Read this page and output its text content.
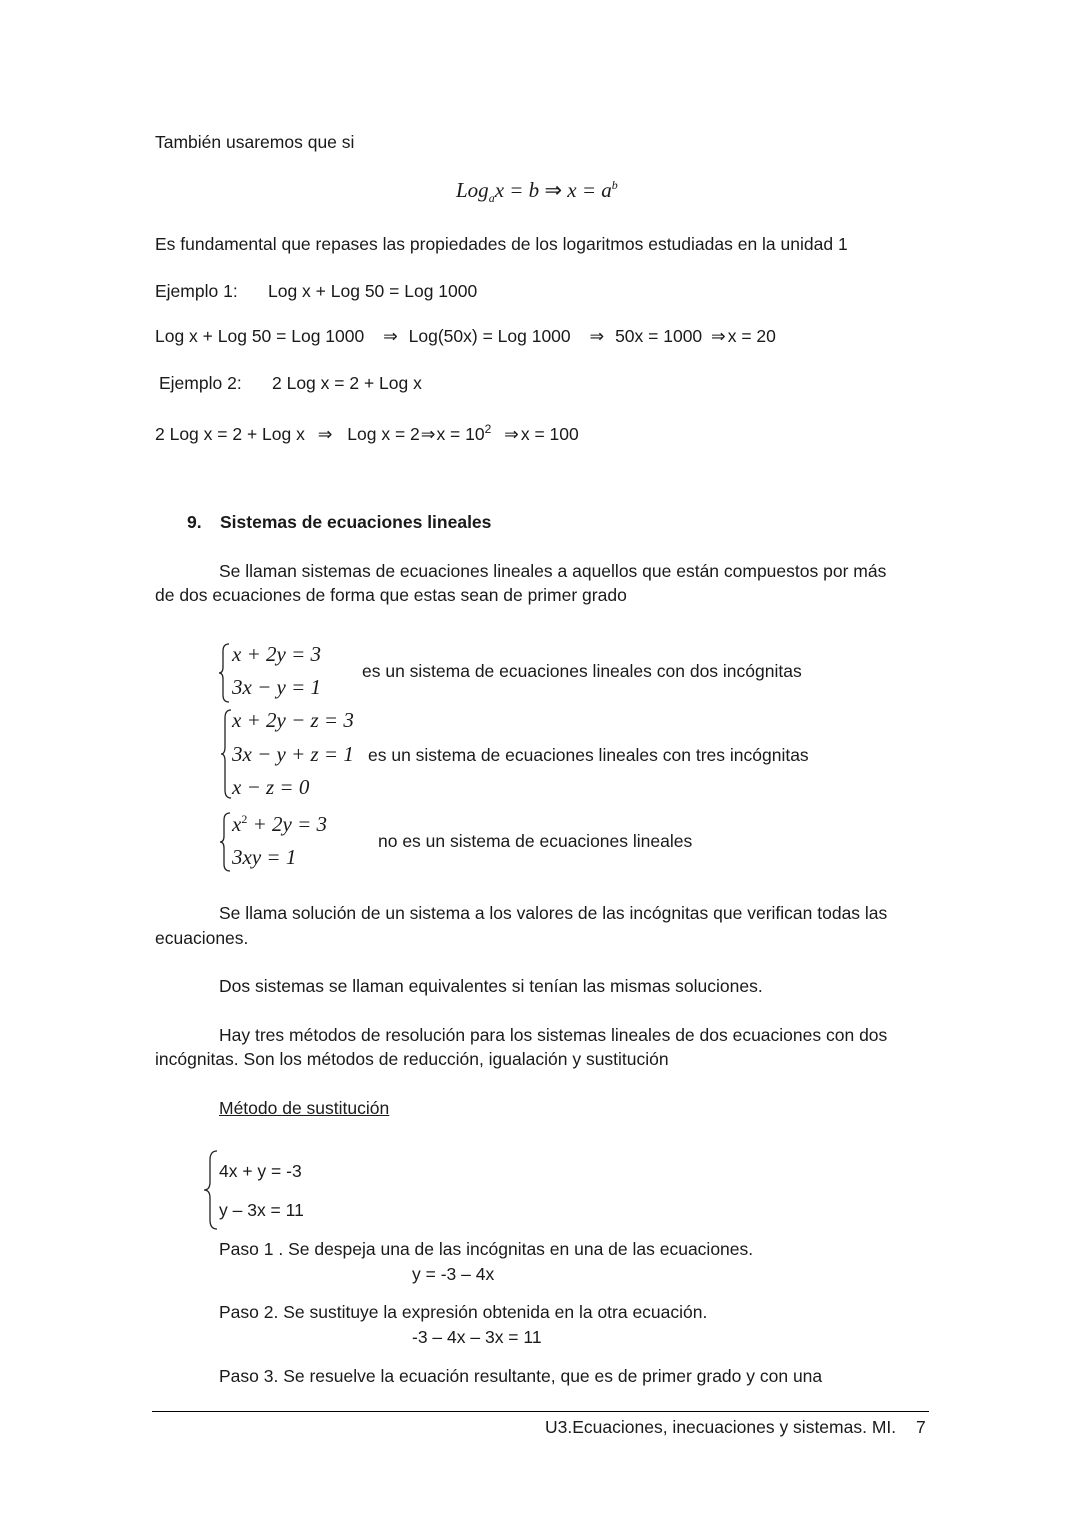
También usaremos que si
Log$_a$x = b ⇒ $x = a^b$
Es fundamental que repases las propiedades de los logaritmos estudiadas en la unidad 1
Ejemplo 1: Log x + Log 50 = Log 1000
Log x + Log 50 = Log 1000 ⇒ Log(50x) = Log 1000 ⇒ 50x = 1000 ⇒ x = 20
Ejemplo 2: 2 Log x = 2 + Log x
2 Log x = 2 + Log x ⇒ Log x = 2⇒x = $10^2$ ⇒ x = 100
9. Sistemas de ecuaciones lineales
Se llaman sistemas de ecuaciones lineales a aquellos que están compuestos por más
de dos ecuaciones de forma que estas sean de primer grado
x + 2y = 3
3x − y = 1
es un sistema de ecuaciones lineales con dos incógnitas
x + 2y − z = 3
3x − y + z = 1
x − z = 0
es un sistema de ecuaciones lineales con tres incógnitas
$x^2 + 2y = 3$
3xy = 1
no es un sistema de ecuaciones lineales
Se llama solución de un sistema a los valores de las incógnitas que verifican todas las
ecuaciones.
Dos sistemas se llaman equivalentes si tenían las mismas soluciones.
Hay tres métodos de resolución para los sistemas lineales de dos ecuaciones con dos
incógnitas. Son los métodos de reducción, igualación y sustitución
Método de sustitución
4x + y = -3
y – 3x = 11
Paso 1 . Se despeja una de las incógnitas en una de las ecuaciones.
y = -3 – 4x
Paso 2. Se sustituye la expresión obtenida en la otra ecuación.
-3 – 4x – 3x = 11
Paso 3. Se resuelve la ecuación resultante, que es de primer grado y con una
U3.Ecuaciones, inecuaciones y sistemas. MI. 7
